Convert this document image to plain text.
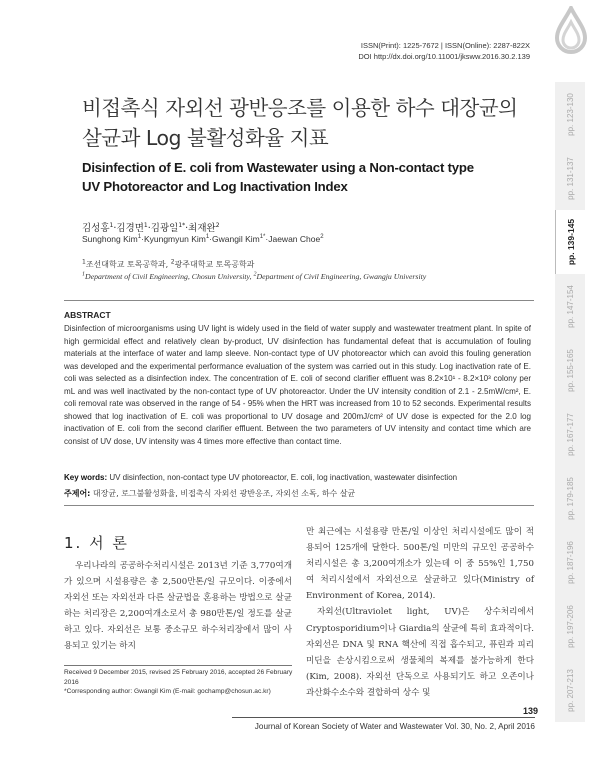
ISSN(Print): 1225-7672 | ISSN(Online): 2287-822X
DOI http://dx.doi.org/10.11001/jksww.2016.30.2.139
pp. 123-130
pp. 131-137
pp. 139-145
pp. 147-154
pp. 155-165
pp. 167-177
pp. 179-185
pp. 187-196
pp. 197-206
pp. 207-213
비접촉식 자외선 광반응조를 이용한 하수 대장균의
살균과 Log 불활성화율 지표
Disinfection of E. coli from Wastewater using a Non-contact type
UV Photoreactor and Log Inactivation Index
김성홍$^1$·김경면$^1$·김광일$^{1*}$·최재완$^2$
Sunghong Kim$^1$·Kyungmyun Kim$^1$·Gwangil Kim$^{1*}$·Jaewan Choe$^2$
$^1$조선대학교 토목공학과, $^2$광주대학교 토목공학과
$^1$Department of Civil Engineering, Chosun University, $^2$Department of Civil Engineering, Gwangju University
ABSTRACT
Disinfection of microorganisms using UV light is widely used in the field of water supply and wastewater treatment plant. In spite of high germicidal effect and relatively clean by-product, UV disinfection has fundamental defeat that is accumulation of fouling materials at the interface of water and lamp sleeve. Non-contact type of UV photoreactor which can avoid this fouling generation was developed and the experimental performance evaluation of the system was carried out in this study. Log inactivation rate of E. coli was selected as a disinfection index. The concentration of E. coli of second clarifier effluent was 8.2×10¹ - 8.2×10³ colony per mL and was well inactivated by the non-contact type of UV photoreactor. Under the UV intensity condition of 2.1 - 2.5mW/cm², E. coli removal rate was observed in the range of 54 - 95% when the HRT was increased from 10 to 52 seconds. Experimental results showed that log inactivation of E. coli was proportional to UV dosage and 200mJ/cm² of UV dose is expected for the 2.0 log inactivation of E. coli from the second clarifier effluent. Between the two parameters of UV intensity and contact time which are consist of UV dose, UV intensity was 4 times more effective than contact time.
Key words: UV disinfection, non-contact type UV photoreactor, E. coli, log inactivation, wastewater disinfection
주제어: 대장균, 로그불활성화율, 비접촉식 자외선 광반응조, 자외선 소독, 하수 살균
1. 서 론

우리나라의 공공하수처리시설은 2013년 기준 3,770여개가 있으며 시설용량은 총 2,500만톤/일 규모이다. 이중에서 자외선 또는 자외선과 다른 살균법을 혼용하는 방법으로 살균하는 처리장은 2,200여개소로서 총 980만톤/일 정도를 살균하고 있다. 자외선은 보통 중소규모 하수처리장에서 많이 사용되고 있기는 하지

만 최근에는 시설용량 만톤/일 이상인 처리시설에도 많이 적용되어 125개에 달한다. 500톤/일 미만의 규모인 공공하수처리시설은 총 3,200여개소가 있는데 이 중 55%인 1,750여 처리시설에서 자외선으로 살균하고 있다(Ministry of Environment of Korea, 2014).

자외선(Ultraviolet light, UV)은 상수처리에서 Cryptosporidium이나 Giardia의 살균에 특히 효과적이다. 자외선은 DNA 및 RNA 핵산에 직접 흡수되고, 퓨린과 피리미딘을 손상시킴으로써 생물체의 복제를 불가능하게 한다(Kim, 2008). 자외선 단독으로 사용되기도 하고 오존이나 과산화수소수와 결합하여 상수 및

Received 9 December 2015, revised 25 February 2016, accepted 26 February 2016
*Corresponding author: Gwangil Kim (E-mail: gochamp@chosun.ac.kr)
139
Journal of Korean Society of Water and Wastewater Vol. 30, No. 2, April 2016
